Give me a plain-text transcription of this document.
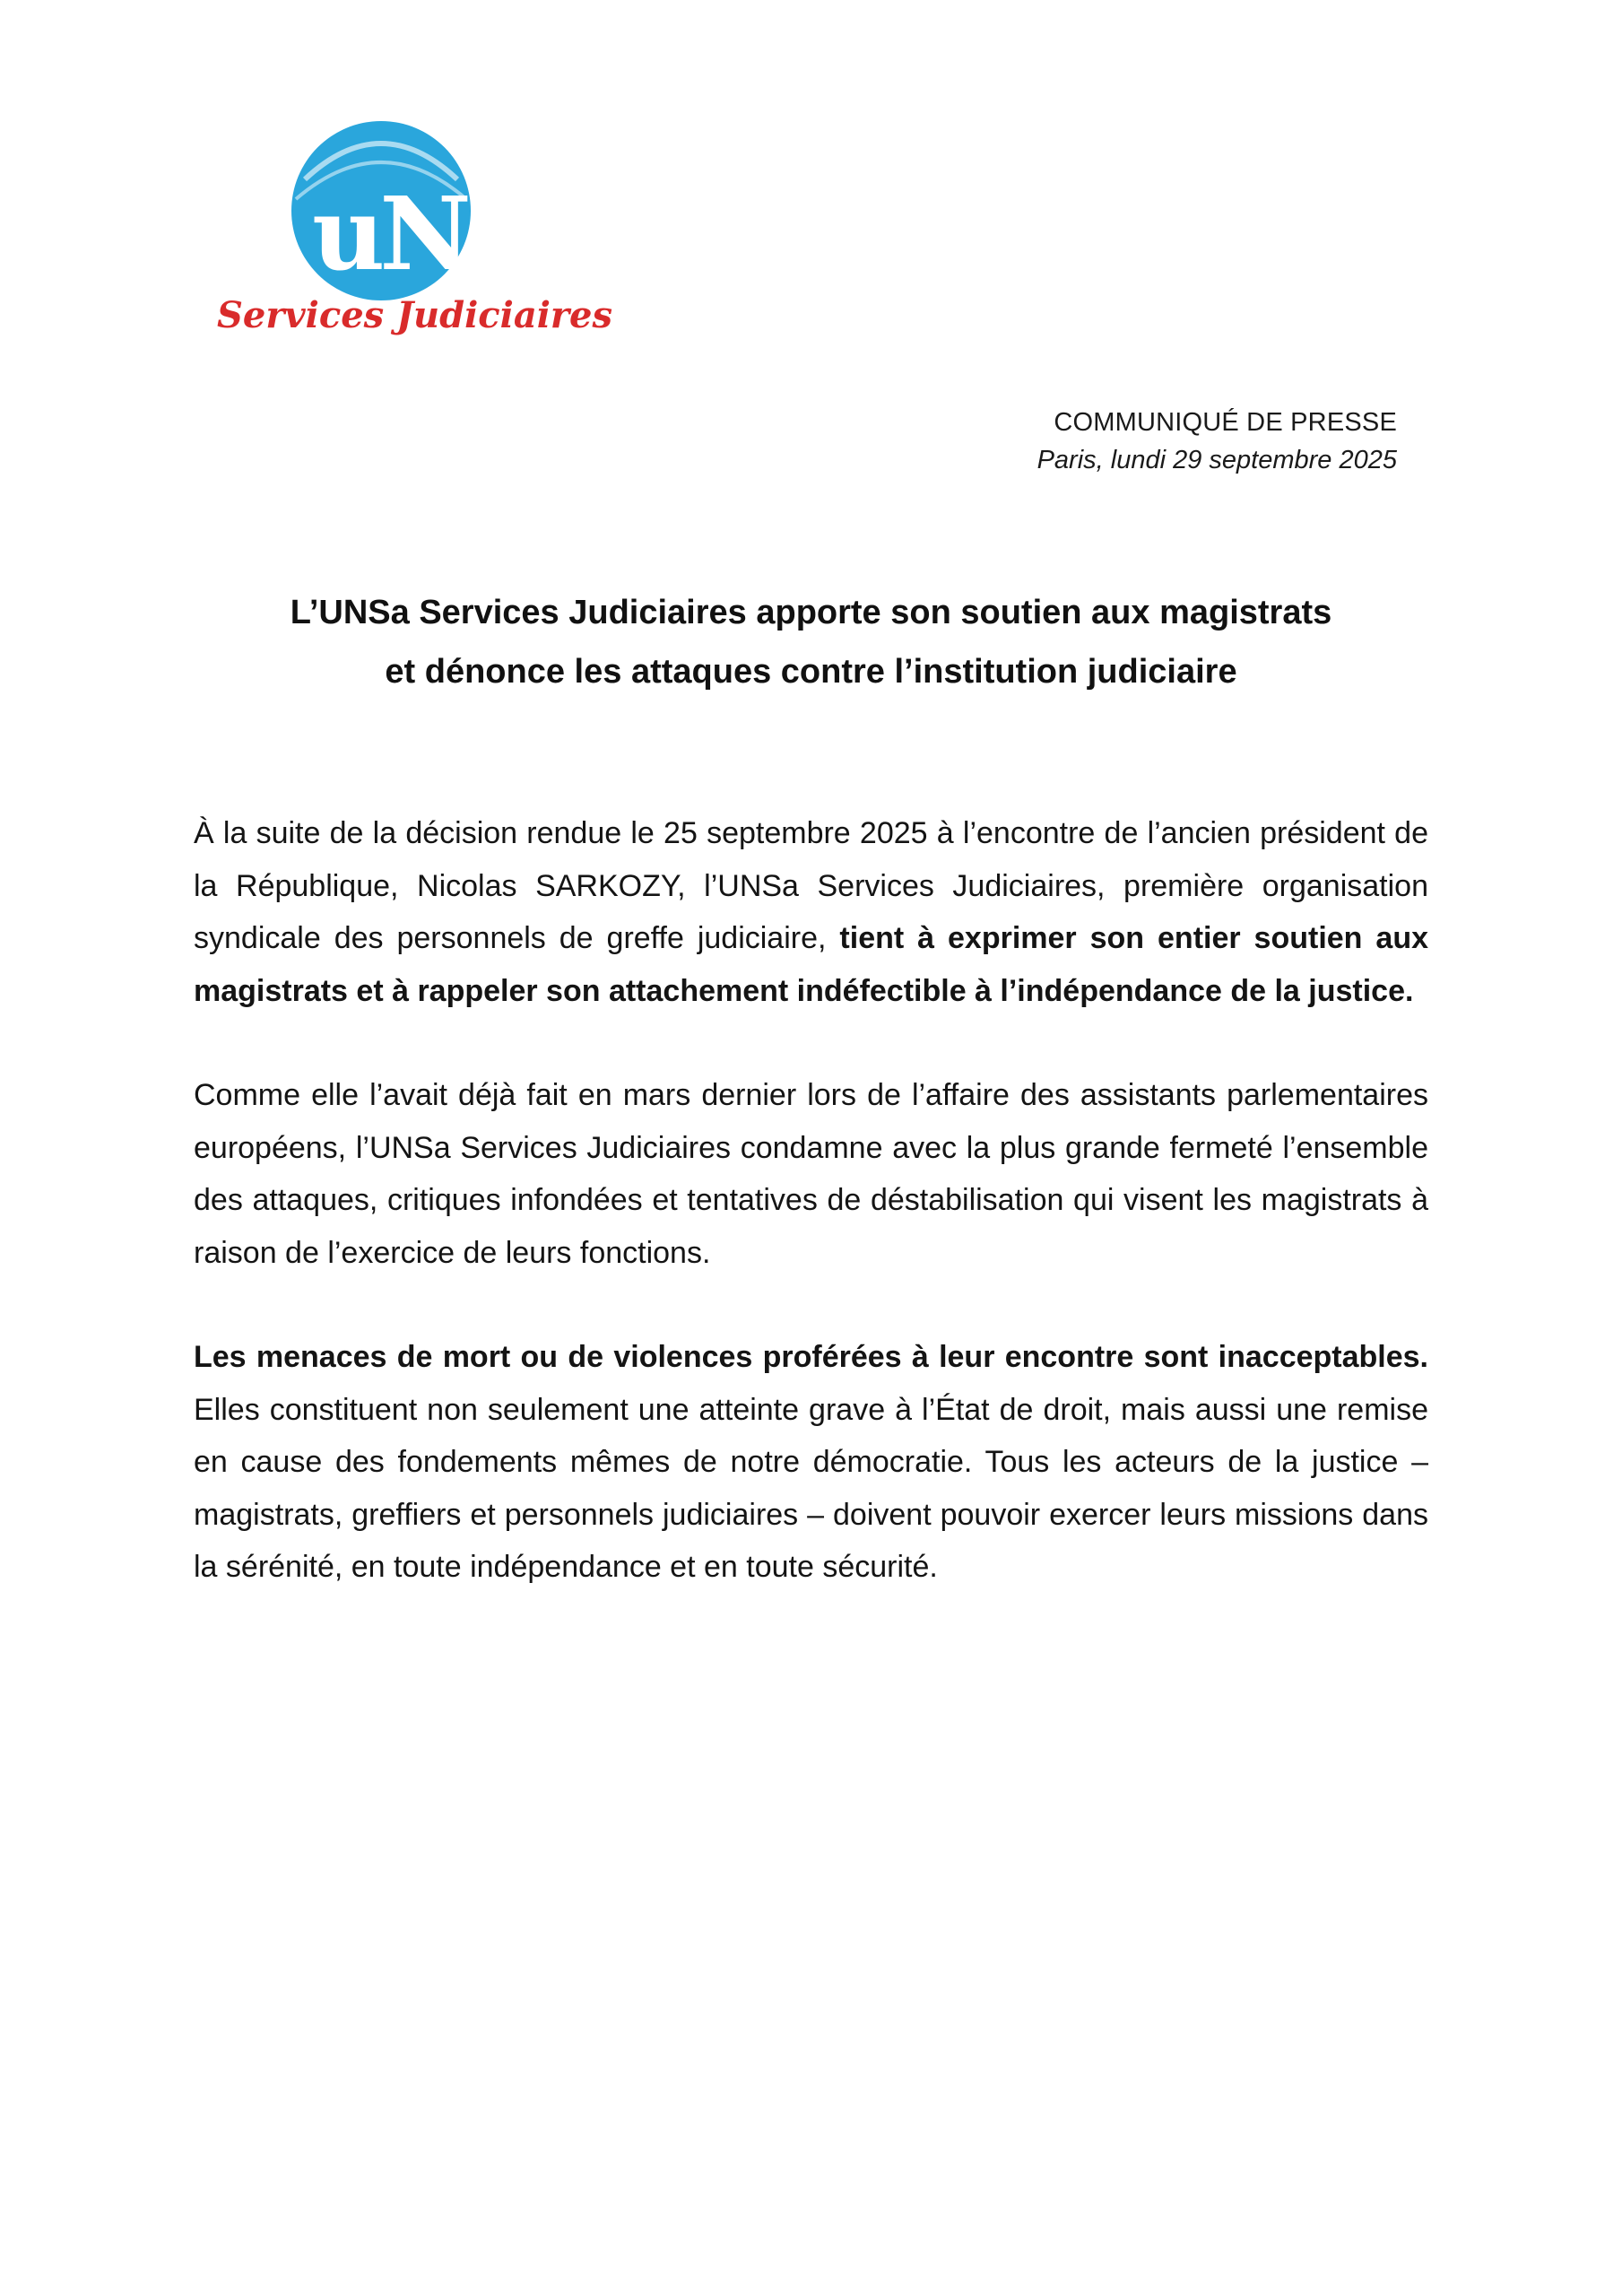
uNSa
Services Judiciaires
COMMUNIQUÉ DE PRESSE
Paris, lundi 29 septembre 2025
L’UNSa Services Judiciaires apporte son soutien aux magistrats
et dénonce les attaques contre l’institution judiciaire

À la suite de la décision rendue le 25 septembre 2025 à l’encontre de l’ancien président de la République, Nicolas SARKOZY, l’UNSa Services Judiciaires, première organisation syndicale des personnels de greffe judiciaire, tient à exprimer son entier soutien aux magistrats et à rappeler son attachement indéfectible à l’indépendance de la justice.

Comme elle l’avait déjà fait en mars dernier lors de l’affaire des assistants parlementaires européens, l’UNSa Services Judiciaires condamne avec la plus grande fermeté l’ensemble des attaques, critiques infondées et tentatives de déstabilisation qui visent les magistrats à raison de l’exercice de leurs fonctions.

Les menaces de mort ou de violences proférées à leur encontre sont inacceptables. Elles constituent non seulement une atteinte grave à l’État de droit, mais aussi une remise en cause des fondements mêmes de notre démocratie. Tous les acteurs de la justice – magistrats, greffiers et personnels judiciaires – doivent pouvoir exercer leurs missions dans la sérénité, en toute indépendance et en toute sécurité.
